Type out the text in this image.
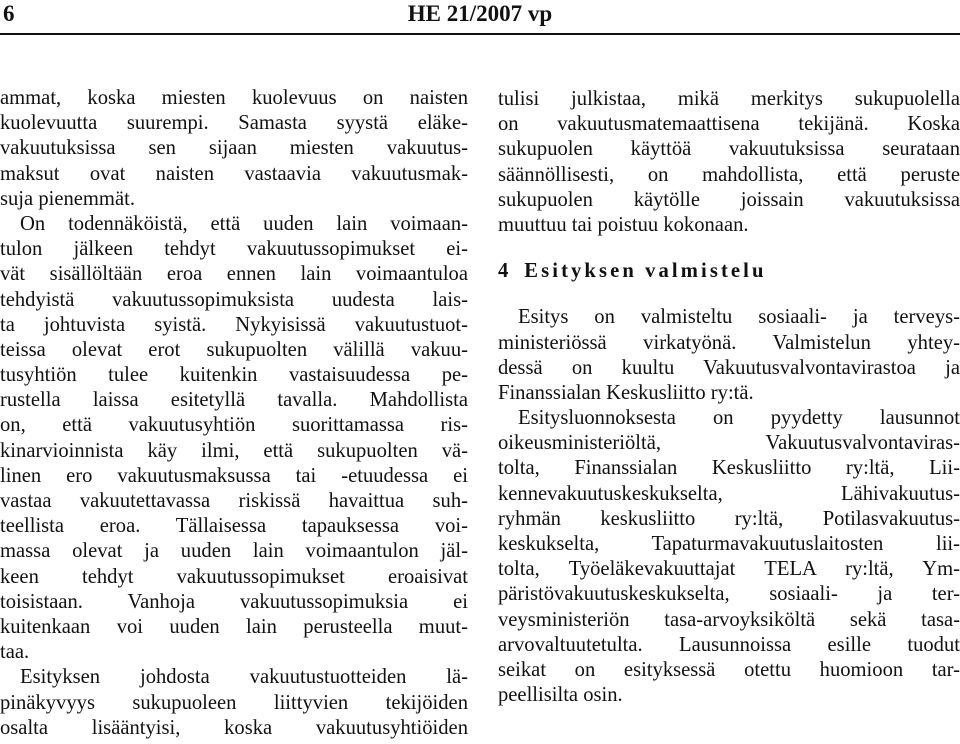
6	HE 21/2007 vp
ammat, koska miesten kuolevuus on naisten
kuolevuutta suurempi. Samasta syystä eläke-
vakuutuksissa sen sijaan miesten vakuutus-
maksut ovat naisten vastaavia vakuutusmak-
suja pienemmät.
On todennäköistä, että uuden lain voimaan-
tulon jälkeen tehdyt vakuutussopimukset ei-
vät sisällöltään eroa ennen lain voimaantuloa
tehdyistä vakuutussopimuksista uudesta lais-
ta johtuvista syistä. Nykyisissä vakuutustuot-
teissa olevat erot sukupuolten välillä vakuu-
tusyhtiön tulee kuitenkin vastaisuudessa pe-
rustella laissa esitetyllä tavalla. Mahdollista
on, että vakuutusyhtiön suorittamassa ris-
kinarvioinnista käy ilmi, että sukupuolten vä-
linen ero vakuutusmaksussa tai -etuudessa ei
vastaa vakuutettavassa riskissä havaittua suh-
teellista eroa. Tällaisessa tapauksessa voi-
massa olevat ja uuden lain voimaantulon jäl-
keen tehdyt vakuutussopimukset eroaisivat
toisistaan. Vanhoja vakuutussopimuksia ei
kuitenkaan voi uuden lain perusteella muut-
taa.
Esityksen johdosta vakuutustuotteiden lä-
pinäkyvyys sukupuoleen liittyvien tekijöiden
osalta lisääntyisi, koska vakuutusyhtiöiden
tulisi julkistaa, mikä merkitys sukupuolella
on vakuutusmatemaattisena tekijänä. Koska
sukupuolen käyttöä vakuutuksissa seurataan
säännöllisesti, on mahdollista, että peruste
sukupuolen käytölle joissain vakuutuksissa
muuttuu tai poistuu kokonaan.
4 Esityksen valmistelu
Esitys on valmisteltu sosiaali- ja terveys-
ministeriössä virkatyönä. Valmistelun yhtey-
dessä on kuultu Vakuutusvalvontavirastoa ja
Finanssialan Keskusliitto ry:tä.
Esitysluonnoksesta on pyydetty lausunnot
oikeusministeriöltä, Vakuutusvalvontaviras-
tolta, Finanssialan Keskusliitto ry:ltä, Lii-
kennevakuutuskeskukselta, Lähivakuutus-
ryhmän keskusliitto ry:ltä, Potilasvakuutus-
keskukselta, Tapaturmavakuutuslaitosten lii-
tolta, Työeläkevakuuttajat TELA ry:ltä, Ym-
päristövakuutuskeskukselta, sosiaali- ja ter-
veysministeriön tasa-arvoyksiköltä sekä tasa-
arvovaltuutetulta. Lausunnoissa esille tuodut
seikat on esityksessä otettu huomioon tar-
peellisilta osin.
